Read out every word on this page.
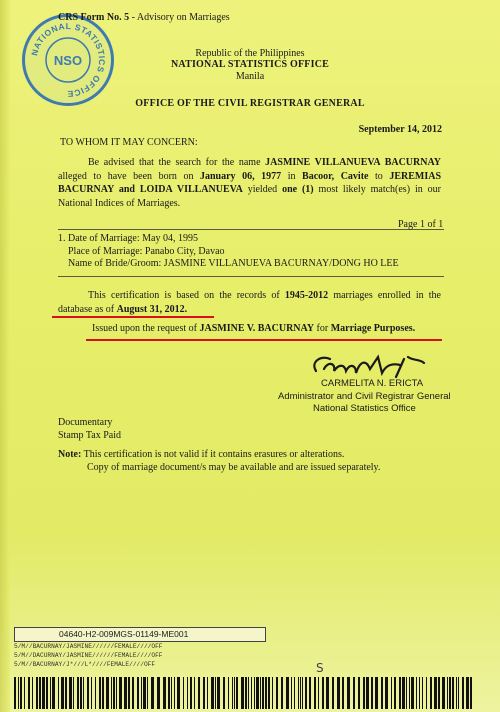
NATIONAL STATISTICS OFFICE
NSO
CRS Form No. 5 - Advisory on Marriages
Republic of the Philippines
NATIONAL STATISTICS OFFICE
Manila
OFFICE OF THE CIVIL REGISTRAR GENERAL
September 14, 2012
TO WHOM IT MAY CONCERN:
Be advised that the search for the name JASMINE VILLANUEVA BACURNAY alleged to have been born on January 06, 1977 in Bacoor, Cavite to JEREMIAS BACURNAY and LOIDA VILLANUEVA yielded one (1) most likely match(es) in our National Indices of Marriages.
Page 1 of 1
1. Date of Marriage: May 04, 1995
Place of Marriage: Panabo City, Davao
Name of Bride/Groom: JASMINE VILLANUEVA BACURNAY/DONG HO LEE
This certification is based on the records of 1945-2012 marriages enrolled in the database as of August 31, 2012.
Issued upon the request of JASMINE V. BACURNAY for Marriage Purposes.
CARMELITA N. ERICTA
Administrator and Civil Registrar General
National Statistics Office
Documentary
Stamp Tax Paid
Note: This certification is not valid if it contains erasures or alterations.
Copy of marriage document/s may be available and are issued separately.
04640-H2-009MGS-01149-ME001
5/M//BACURNAY/JASMINE//////FEMALE////OFF
5/M//DACURNAY/JASMINE//////FEMALE////OFF
5/M//BACURNAY/J*///L*////FEMALE////OFF	S
